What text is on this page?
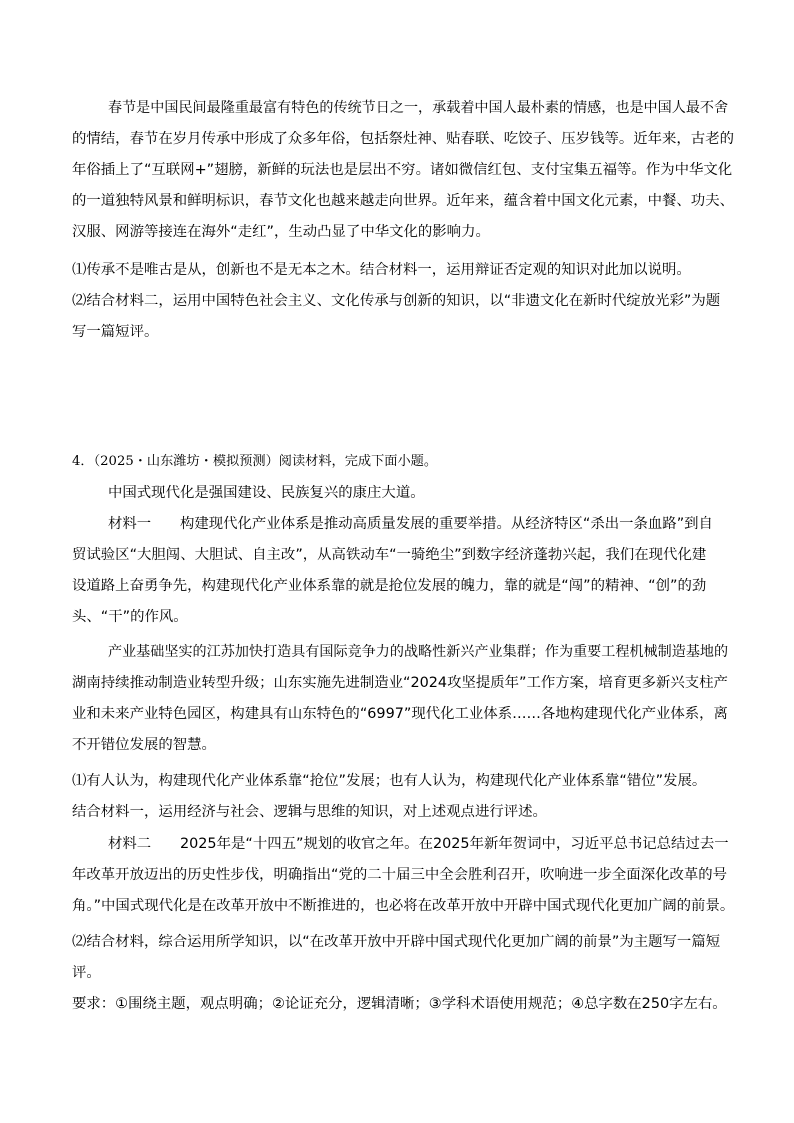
春节是中国民间最隆重最富有特色的传统节日之一，承载着中国人最朴素的情感，也是中国人最不舍
的情结，春节在岁月传承中形成了众多年俗，包括祭灶神、贴春联、吃饺子、压岁钱等。近年来，古老的
年俗插上了“互联网+”翅膀，新鲜的玩法也是层出不穷。诸如微信红包、支付宝集五福等。作为中华文化
的一道独特风景和鲜明标识，春节文化也越来越走向世界。近年来，蕴含着中国文化元素，中餐、功夫、
汉服、网游等接连在海外“走红”，生动凸显了中华文化的影响力。
⑴传承不是唯古是从，创新也不是无本之木。结合材料一，运用辩证否定观的知识对此加以说明。
⑵结合材料二，运用中国特色社会主义、文化传承与创新的知识，以“非遗文化在新时代绽放光彩”为题
写一篇短评。
4．（2025・山东潍坊・模拟预测）阅读材料，完成下面小题。
中国式现代化是强国建设、民族复兴的康庄大道。
材料一　　构建现代化产业体系是推动高质量发展的重要举措。从经济特区“杀出一条血路”到自
贸试验区“大胆闯、大胆试、自主改”，从高铁动车“一骑绝尘”到数字经济蓬勃兴起，我们在现代化建
设道路上奋勇争先，构建现代化产业体系靠的就是抢位发展的魄力，靠的就是“闯”的精神、“创”的劲
头、“干”的作风。
产业基础坚实的江苏加快打造具有国际竞争力的战略性新兴产业集群；作为重要工程机械制造基地的
湖南持续推动制造业转型升级；山东实施先进制造业“2024攻坚提质年”工作方案，培育更多新兴支柱产
业和未来产业特色园区，构建具有山东特色的“6997”现代化工业体系……各地构建现代化产业体系，离
不开错位发展的智慧。
⑴有人认为，构建现代化产业体系靠“抢位”发展；也有人认为，构建现代化产业体系靠“错位”发展。
结合材料一，运用经济与社会、逻辑与思维的知识，对上述观点进行评述。
材料二　　2025年是“十四五”规划的收官之年。在2025年新年贺词中，习近平总书记总结过去一
年改革开放迈出的历史性步伐，明确指出“党的二十届三中全会胜利召开，吹响进一步全面深化改革的号
角。”中国式现代化是在改革开放中不断推进的，也必将在改革开放中开辟中国式现代化更加广阔的前景。
⑵结合材料，综合运用所学知识，以“在改革开放中开辟中国式现代化更加广阔的前景”为主题写一篇短
评。
要求：①围绕主题，观点明确；②论证充分，逻辑清晰；③学科术语使用规范；④总字数在250字左右。
